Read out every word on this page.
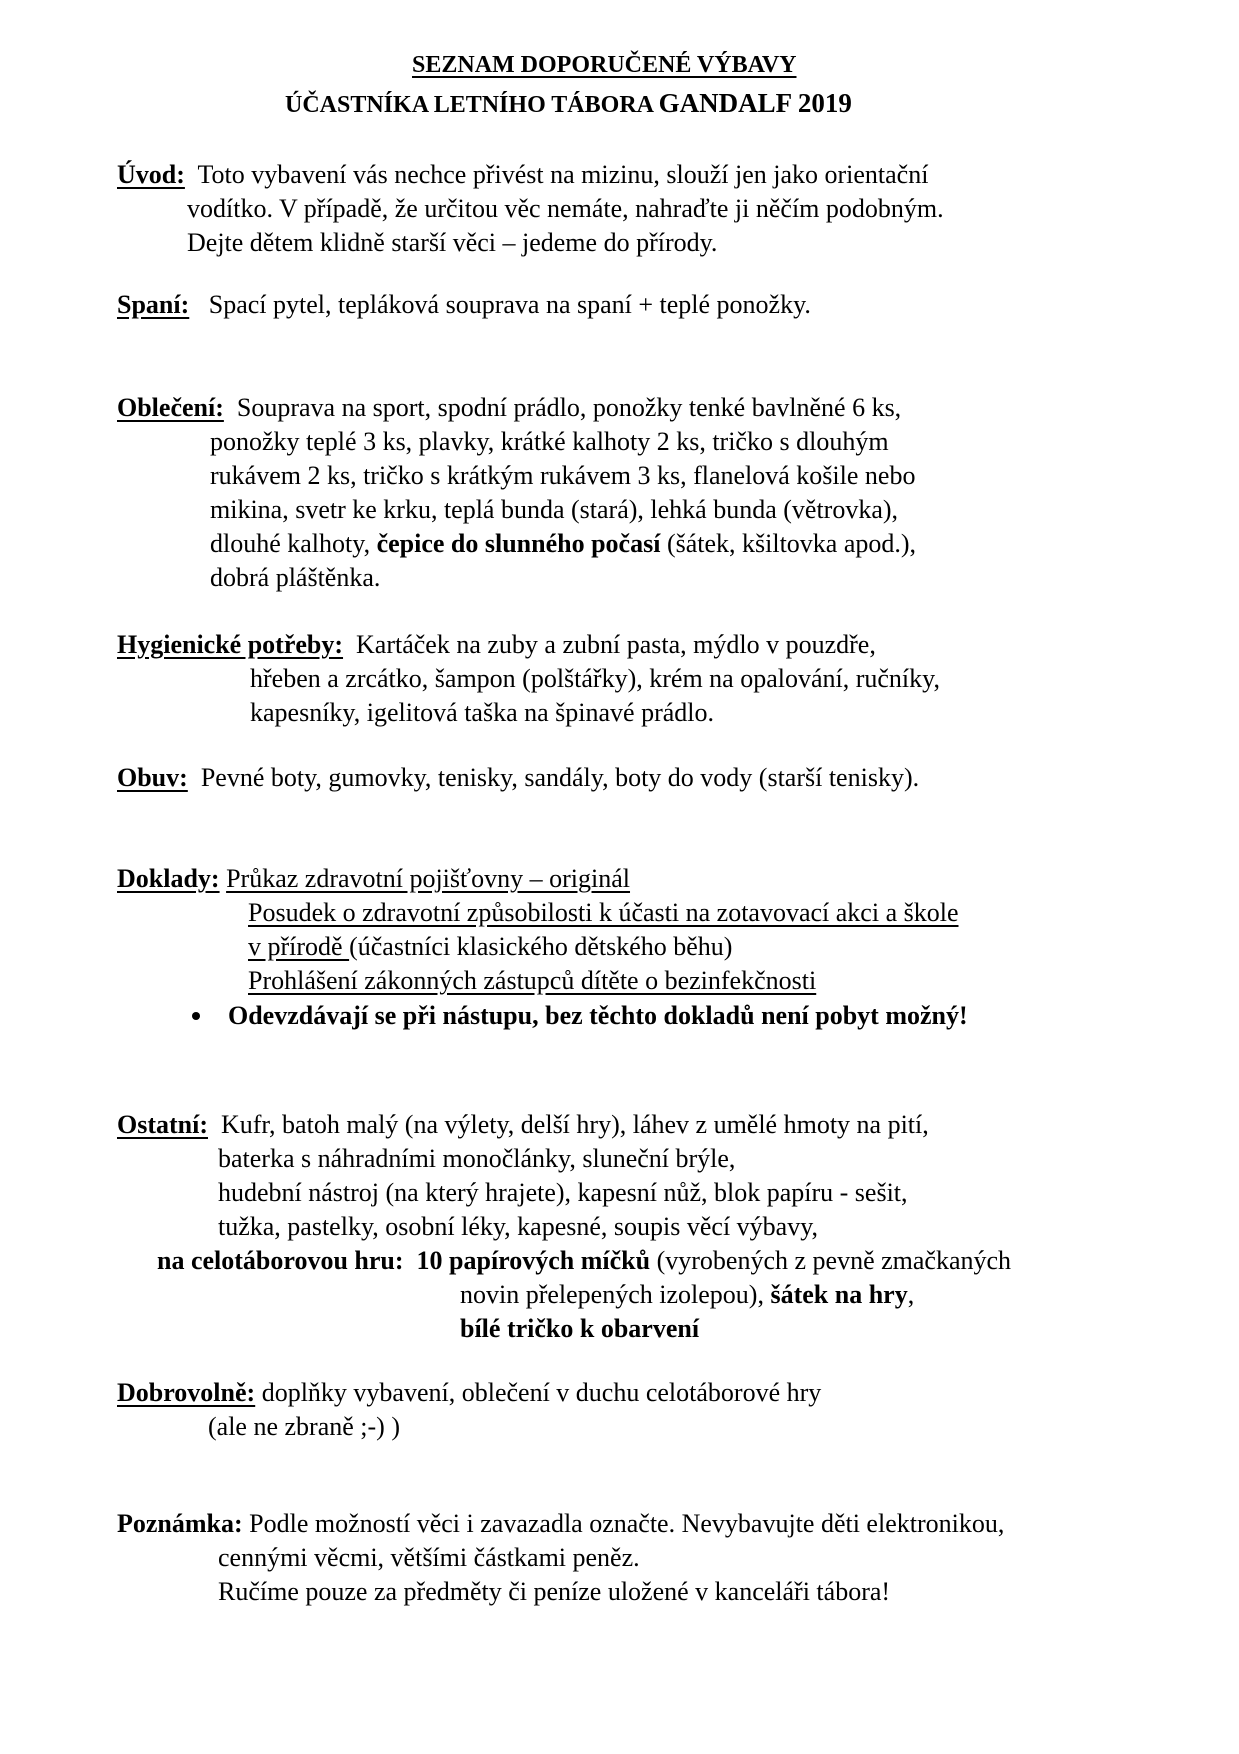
SEZNAM DOPORUČENÉ VÝBAVY
ÚČASTNÍKA LETNÍHO TÁBORA GANDALF 2019
Úvod: Toto vybavení vás nechce přivést na mizinu, slouží jen jako orientační
vodítko. V případě, že určitou věc nemáte, nahraďte ji něčím podobným.
Dejte dětem klidně starší věci – jedeme do přírody.
Spaní: Spací pytel, tepláková souprava na spaní + teplé ponožky.
Oblečení: Souprava na sport, spodní prádlo, ponožky tenké bavlněné 6 ks,
ponožky teplé 3 ks, plavky, krátké kalhoty 2 ks, tričko s dlouhým
rukávem 2 ks, tričko s krátkým rukávem 3 ks, flanelová košile nebo
mikina, svetr ke krku, teplá bunda (stará), lehká bunda (větrovka),
dlouhé kalhoty, čepice do slunného počasí (šátek, kšiltovka apod.),
dobrá pláštěnka.
Hygienické potřeby: Kartáček na zuby a zubní pasta, mýdlo v pouzdře,
hřeben a zrcátko, šampon (polštářky), krém na opalování, ručníky,
kapesníky, igelitová taška na špinavé prádlo.
Obuv: Pevné boty, gumovky, tenisky, sandály, boty do vody (starší tenisky).
Doklady: Průkaz zdravotní pojišťovny – originál
Posudek o zdravotní způsobilosti k účasti na zotavovací akci a škole
v přírodě (účastníci klasického dětského běhu)
Prohlášení zákonných zástupců dítěte o bezinfekčnosti
Odevzdávají se při nástupu, bez těchto dokladů není pobyt možný!
Ostatní: Kufr, batoh malý (na výlety, delší hry), láhev z umělé hmoty na pití,
baterka s náhradními monočlánky, sluneční brýle,
hudební nástroj (na který hrajete), kapesní nůž, blok papíru - sešit,
tužka, pastelky, osobní léky, kapesné, soupis věcí výbavy,
na celotáborovou hru: 10 papírových míčků (vyrobených z pevně zmačkaných
novin přelepených izolepou), šátek na hry,
bílé tričko k obarvení
Dobrovolně: doplňky vybavení, oblečení v duchu celotáborové hry
(ale ne zbraně ;-) )
Poznámka: Podle možností věci i zavazadla označte. Nevybavujte děti elektronikou,
cennými věcmi, většími částkami peněz.
Ručíme pouze za předměty či peníze uložené v kanceláři tábora!
